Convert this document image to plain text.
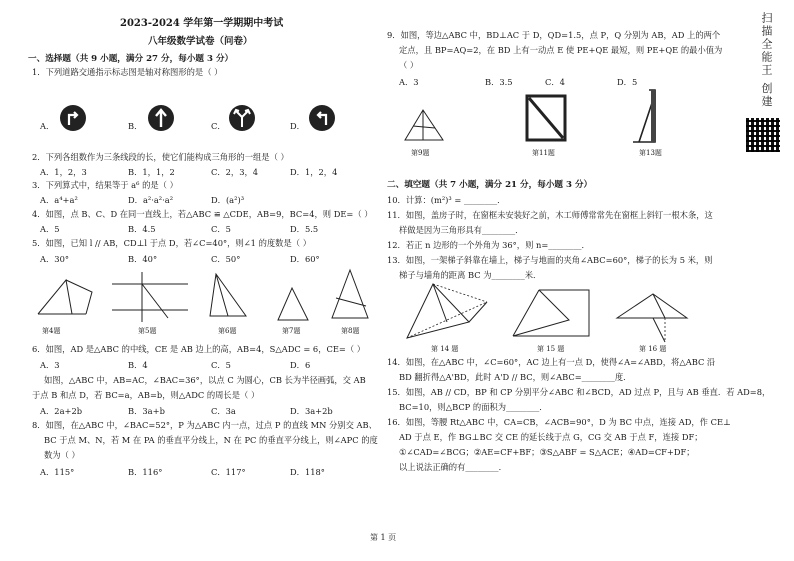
2023-2024 学年第一学期期中考试
八年级数学试卷（问卷）
一、选择题（共 9 小题，满分 27 分，每小题 3 分）
1．下列道路交通指示标志图是轴对称图形的是（ ）
A．	B．	C．	D．
2．下列各组数作为三条线段的长，使它们能构成三角形的一组是（ ）
A．1，2，3	B．1，1，2	C．2，3，4	D．1，2，4
3．下列算式中，结果等于 a⁶ 的是（ ）
A．a⁴+a²	D．a²·a²·a²	D．(a²)³
4．如图，点 B、C、D 在同一直线上，若△ABC ≌ △CDE，AB=9，BC=4，则 DE=（ ）
A．5	B．4.5	C．5	D．5.5
5．如图，已知 l // AB，CD⊥l 于点 D，若∠C=40°，则∠1 的度数是（ ）
A．30°	B．40°	C．50°	D．60°
第4题	第5题	第6题	第7题	第8题
6．如图，AD 是△ABC 的中线，CE 是 AB 边上的高，AB=4，S△ADC = 6，CE=（ ）
A．3	B．4	C．5	D．6
如图，△ABC 中，AB=AC，∠BAC=36°，以点 C 为圆心，CB 长为半径画弧，交 AB
于点 B 和点 D，若 BC=a，AB=b，则△ADC 的周长是（ ）
A．2a+2b	B．3a+b	C．3a	D．3a+2b
8．如图，在△ABC 中，∠BAC=52°，P 为△ABC 内一点，过点 P 的直线 MN 分别交 AB、
BC 于点 M、N，若 M 在 PA 的垂直平分线上，N 在 PC 的垂直平分线上，则∠APC 的度
数为（ ）
A．115°	B．116°	C．117°	D．118°
9．如图，等边△ABC 中，BD⊥AC 于 D，QD=1.5，点 P，Q 分别为 AB，AD 上的两个
定点，且 BP=AQ=2，在 BD 上有一动点 E 使 PE+QE 最短，则 PE+QE 的最小值为
（ ）
A．3	B．3.5	C．4	D．5
第9题	第11题	第13题
二、填空题（共 7 小题，满分 21 分，每小题 3 分）
10．计算：(m²)³ = ________．
11．如图，盖房子时，在窗框未安装好之前，木工师傅常常先在窗框上斜钉一根木条，这
样做是因为三角形具有________．
12．若正 n 边形的一个外角为 36°，则 n=________．
13．如图，一架梯子斜靠在墙上，梯子与地面的夹角∠ABC=60°，梯子的长为 5 米，则
梯子与墙角的距离 BC 为________米．
第 14 题	第 15 题	第 16 题
14．如图，在△ABC 中，∠C=60°，AC 边上有一点 D，使得∠A=∠ABD，将△ABC 沿
BD 翻折得△A'BD，此时 A'D // BC，则∠ABC=________度．
15．如图，AB // CD，BP 和 CP 分别平分∠ABC 和∠BCD，AD 过点 P，且与 AB 垂直．若 AD=8，
BC=10，则△BCP 的面积为________．
16．如图，等腰 Rt△ABC 中，CA=CB，∠ACB=90°，D 为 BC 中点，连接 AD，作 CE⊥
AD 于点 E，作 BG⊥BC 交 CE 的延长线于点 G，CG 交 AB 于点 F，连接 DF；
①∠CAD=∠BCG；②AE=CF+BF；③S△ABF = S△ACE；④AD=CF+DF；
以上说法正确的有________．
扫描全能王 创建
第 1 页
